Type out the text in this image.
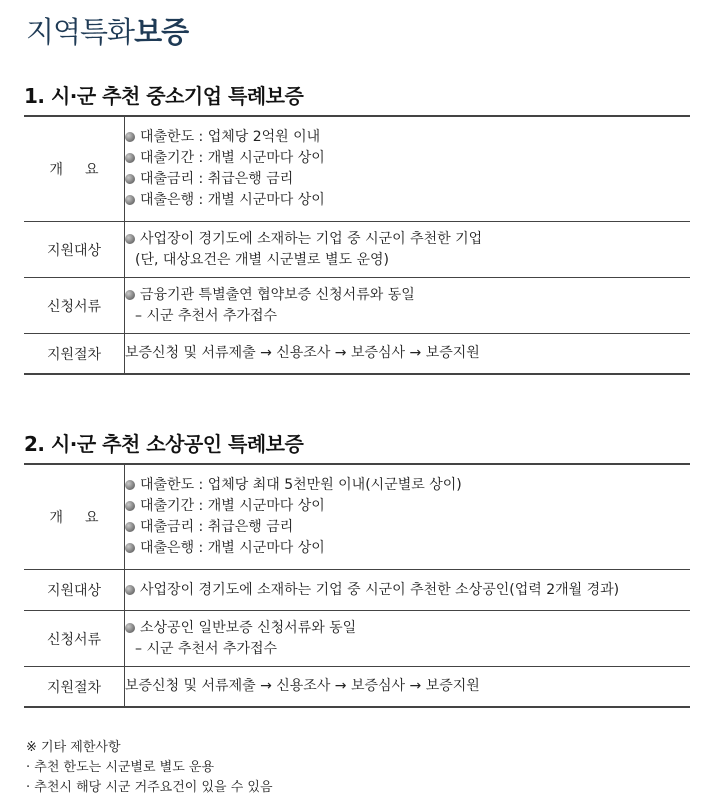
지역특화보증
1. 시·군 추천 중소기업 특례보증
개 요	대출한도 : 업체당 2억원 이내
대출기간 : 개별 시군마다 상이
대출금리 : 취급은행 금리
대출은행 : 개별 시군마다 상이

지원대상	사업장이 경기도에 소재하는 기업 중 시군이 추천한 기업
(단, 대상요건은 개별 시군별로 별도 운영)

신청서류	금융기관 특별출연 협약보증 신청서류와 동일
– 시군 추천서 추가접수

지원절차	보증신청 및 서류제출 → 신용조사 → 보증심사 → 보증지원
2. 시·군 추천 소상공인 특례보증
개 요	대출한도 : 업체당 최대 5천만원 이내(시군별로 상이)
대출기간 : 개별 시군마다 상이
대출금리 : 취급은행 금리
대출은행 : 개별 시군마다 상이

지원대상	사업장이 경기도에 소재하는 기업 중 시군이 추천한 소상공인(업력 2개월 경과)

신청서류	소상공인 일반보증 신청서류와 동일
– 시군 추천서 추가접수

지원절차	보증신청 및 서류제출 → 신용조사 → 보증심사 → 보증지원
※ 기타 제한사항
· 추천 한도는 시군별로 별도 운용
· 추천시 해당 시군 거주요건이 있을 수 있음
